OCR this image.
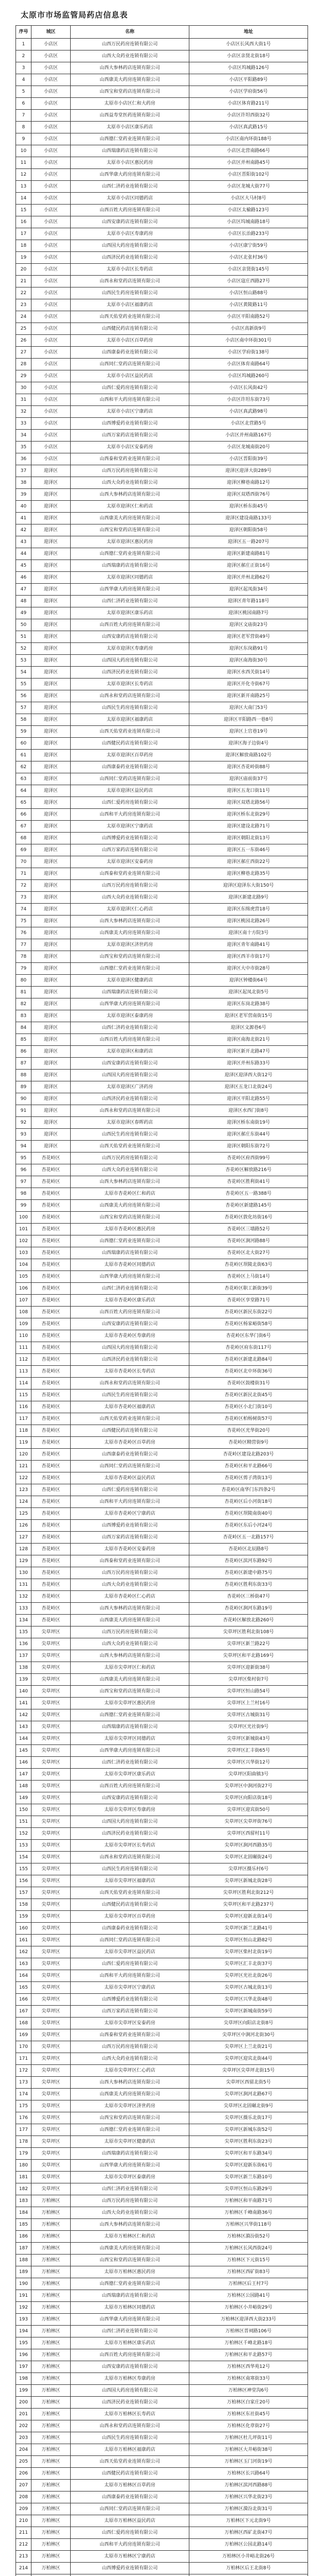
太原市市场监管局药店信息表
序号	城区	名称	地址
1	小店区	山西万民药房连锁有限公司	小店区长风西大街1号
2	小店区	山西大众药业连锁有限公司	小店区亲贤北街18号
3	小店区	山西大参林药店连锁有限公司	小店区坞城路126号
4	小店区	山西康美大药房连锁有限公司	小店区平阳路89号
5	小店区	山西宝和堂药店连锁有限公司	小店区学府街56号
6	小店区	太原市小店区仁和大药房	小店区体育路211号
7	小店区	山西益寿堂医药连锁有限公司	小店区许坦西街32号
8	小店区	太原市小店区康乐药店	小店区真武路15号
9	小店区	山西德仁堂药业连锁有限公司	小店区南内环街188号
10	小店区	山西瑞康药店连锁有限公司	小店区北营南路66号
11	小店区	太原市小店区惠民药房	小店区并州南路45号
12	小店区	山西华康大药房连锁有限公司	小店区晋阳街102号
13	小店区	山西仁济药业连锁有限公司	小店区龙城大街77号
14	小店区	太原市小店区同德药店	小店区大马村8号
15	小店区	山西百姓大药房连锁有限公司	小店区太榆路123号
16	小店区	山西安康药店连锁有限公司	小店区坞城南路18号
17	小店区	太原市小店区寿康药房	小店区长治路233号
18	小店区	山西国大药房连锁有限公司	小店区康宁街59号
19	小店区	山西济民药业连锁有限公司	小店区北张村36号
20	小店区	太原市小店区长寿药店	小店区亲贤街145号
21	小店区	山西永和堂药店连锁有限公司	小店区寇庄西路27号
22	小店区	山西民生药房连锁有限公司	小店区恒山路88号
23	小店区	太原市小店区福康药店	小店区黄陵路11号
24	小店区	山西天佑堂药业连锁有限公司	小店区平阳南路52号
25	小店区	山西健民药店连锁有限公司	小店区高新街9号
26	小店区	太原市小店区百草药房	小店区南中环街301号
27	小店区	山西康泰药业连锁有限公司	小店区学府街138号
28	小店区	山西同仁堂药店连锁有限公司	小店区体育南路64号
29	小店区	太原市小店区益民药店	小店区坞城路260号
30	小店区	山西仁爱药房连锁有限公司	小店区长风街42号
31	小店区	山西和平大药房连锁有限公司	小店区许坦东街73号
32	小店区	太原市小店区宁康药店	小店区真武路98号
33	小店区	山西博爱药业连锁有限公司	小店区北营路5号
34	小店区	山西万家药店连锁有限公司	小店区并州南路167号
35	小店区	太原市小店区安泰药房	小店区龙城南街20号
36	小店区	山西泰和堂药业连锁有限公司	小店区晋阳街39号
37	迎泽区	山西万民药房连锁有限公司	迎泽区迎泽大街289号
38	迎泽区	山西大众药业连锁有限公司	迎泽区柳巷南路12号
39	迎泽区	山西大参林药店连锁有限公司	迎泽区双塔西街76号
40	迎泽区	太原市迎泽区仁和药店	迎泽区桥东街45号
41	迎泽区	山西康美大药房连锁有限公司	迎泽区建设南路133号
42	迎泽区	山西宝和堂药店连锁有限公司	迎泽区朝阳街58号
43	迎泽区	太原市迎泽区惠民药房	迎泽区五一路207号
44	迎泽区	山西德仁堂药业连锁有限公司	迎泽区新建南路81号
45	迎泽区	山西瑞康药店连锁有限公司	迎泽区郝庄正街16号
46	迎泽区	太原市迎泽区同德药店	迎泽区并州北路62号
47	迎泽区	山西华康大药房连锁有限公司	迎泽区起凤街34号
48	迎泽区	山西仁济药业连锁有限公司	迎泽区青年路118号
49	迎泽区	太原市迎泽区康乐药店	迎泽区桃园南路7号
50	迎泽区	山西百姓大药房连锁有限公司	迎泽区文庙街23号
51	迎泽区	山西安康药店连锁有限公司	迎泽区老军营街49号
52	迎泽区	太原市迎泽区寿康药房	迎泽区东岗路91号
53	迎泽区	山西国大药房连锁有限公司	迎泽区南海街30号
54	迎泽区	山西济民药业连锁有限公司	迎泽区水西关街14号
55	迎泽区	太原市迎泽区长寿药店	迎泽区开化寺街67号
56	迎泽区	山西永和堂药店连锁有限公司	迎泽区新开南路25号
57	迎泽区	山西民生药房连锁有限公司	迎泽区大南门53号
58	迎泽区	太原市迎泽区福康药店	迎泽区平阳路西一巷8号
59	迎泽区	山西天佑堂药业连锁有限公司	迎泽区上官巷19号
60	迎泽区	山西健民药店连锁有限公司	迎泽区海子边街4号
61	迎泽区	太原市迎泽区百草药房	迎泽区解放南路102号
62	迎泽区	山西康泰药业连锁有限公司	迎泽区杏花岭街88号
63	迎泽区	山西同仁堂药店连锁有限公司	迎泽区庙前街37号
64	迎泽区	太原市迎泽区益民药店	迎泽区五龙口街11号
65	迎泽区	山西仁爱药房连锁有限公司	迎泽区双塔北路56号
66	迎泽区	山西和平大药房连锁有限公司	迎泽区桥东北街29号
67	迎泽区	太原市迎泽区宁康药店	迎泽区建设北路71号
68	迎泽区	山西博爱药业连锁有限公司	迎泽区朝阳北街13号
69	迎泽区	山西万家药店连锁有限公司	迎泽区五一东街46号
70	迎泽区	太原市迎泽区安泰药房	迎泽区郝庄西街22号
71	迎泽区	山西泰和堂药业连锁有限公司	迎泽区柳巷北路35号
72	迎泽区	山西万民药房连锁有限公司	迎泽区迎泽东大街150号
73	迎泽区	山西大众药业连锁有限公司	迎泽区新建北路9号
74	迎泽区	太原市迎泽区仁心药店	迎泽区东缉虎营18号
75	迎泽区	山西大参林药店连锁有限公司	迎泽区桃园北路26号
76	迎泽区	山西康美大药房连锁有限公司	迎泽区南十方院3号
77	迎泽区	太原市迎泽区济世药房	迎泽区青年南路41号
78	迎泽区	山西宝和堂药店连锁有限公司	迎泽区西羊市街17号
79	迎泽区	山西德仁堂药业连锁有限公司	迎泽区大中市街28号
80	迎泽区	太原市迎泽区健康药店	迎泽区钟楼街64号
81	迎泽区	山西瑞康药店连锁有限公司	迎泽区起凤北街5号
82	迎泽区	山西华康大药房连锁有限公司	迎泽区东岗北路38号
83	迎泽区	太原市迎泽区泰康药房	迎泽区老军营南街15号
84	迎泽区	山西仁济药业连锁有限公司	迎泽区文源巷6号
85	迎泽区	山西百姓大药房连锁有限公司	迎泽区南海北街21号
86	迎泽区	太原市迎泽区和康药店	迎泽区新开北路47号
87	迎泽区	山西安康药店连锁有限公司	迎泽区并州东路33号
88	迎泽区	山西国大药房连锁有限公司	迎泽区迎泽西大街12号
89	迎泽区	太原市迎泽区广济药房	迎泽区五龙口北街24号
90	迎泽区	山西济民药业连锁有限公司	迎泽区平阳北路55号
91	迎泽区	山西永和堂药店连锁有限公司	迎泽区水西门街8号
92	迎泽区	太原市迎泽区春晖药店	迎泽区桥东南街19号
93	迎泽区	山西民生药房连锁有限公司	迎泽区郝庄东街44号
94	迎泽区	山西天佑堂药业连锁有限公司	迎泽区朝阳东街72号
95	杏花岭区	山西万民药房连锁有限公司	杏花岭区府西街99号
96	杏花岭区	山西大众药业连锁有限公司	杏花岭区解放路216号
97	杏花岭区	山西大参林药店连锁有限公司	杏花岭区胜利街41号
98	杏花岭区	太原市杏花岭区仁和药店	杏花岭区五一路388号
99	杏花岭区	山西康美大药房连锁有限公司	杏花岭区新建路145号
100	杏花岭区	山西宝和堂药店连锁有限公司	杏花岭区敦化坊街16号
101	杏花岭区	太原市杏花岭区惠民药房	杏花岭区三墙路52号
102	杏花岭区	山西德仁堂药业连锁有限公司	杏花岭区涧河路88号
103	杏花岭区	山西瑞康药店连锁有限公司	杏花岭区北大街27号
104	杏花岭区	太原市杏花岭区同德药店	杏花岭区坝陵北街63号
105	杏花岭区	山西华康大药房连锁有限公司	杏花岭区上马街14号
106	杏花岭区	山西仁济药业连锁有限公司	杏花岭区职工新街39号
107	杏花岭区	太原市杏花岭区康乐药店	杏花岭区享堂路71号
108	杏花岭区	山西百姓大药房连锁有限公司	杏花岭区新民东街22号
109	杏花岭区	山西安康药店连锁有限公司	杏花岭区杨家峪街58号
110	杏花岭区	太原市杏花岭区寿康药房	杏花岭区东华门街6号
111	杏花岭区	山西国大药房连锁有限公司	杏花岭区府东街117号
112	杏花岭区	山西济民药业连锁有限公司	杏花岭区新建北路84号
113	杏花岭区	太原市杏花岭区长寿药店	杏花岭区北中环街36号
114	杏花岭区	山西永和堂药店连锁有限公司	杏花岭区鼓楼街31号
115	杏花岭区	山西民生药房连锁有限公司	杏花岭区新民北街45号
116	杏花岭区	太原市杏花岭区福康药店	杏花岭区小北门街10号
117	杏花岭区	山西天佑堂药业连锁有限公司	杏花岭区柏杨树街57号
118	杏花岭区	山西健民药店连锁有限公司	杏花岭区光华街20号
119	杏花岭区	太原市杏花岭区百草药房	杏花岭区精营街9号
120	杏花岭区	山西康泰药业连锁有限公司	杏花岭区建设北路203号
121	杏花岭区	山西同仁堂药店连锁有限公司	杏花岭区和平北路66号
122	杏花岭区	太原市杏花岭区益民药店	杏花岭区剪子湾街13号
123	杏花岭区	山西仁爱药房连锁有限公司	杏花岭区南华门东四条2号
124	杏花岭区	山西和平大药房连锁有限公司	杏花岭区后小河街18号
125	杏花岭区	太原市杏花岭区宁康药店	杏花岭区坝陵南街40号
126	杏花岭区	山西博爱药业连锁有限公司	杏花岭区东后小河24号
127	杏花岭区	山西万家药店连锁有限公司	杏花岭区五一北路157号
128	杏花岭区	太原市杏花岭区安泰药房	杏花岭区北辰路8号
129	杏花岭区	山西泰和堂药业连锁有限公司	杏花岭区滨河东路92号
130	杏花岭区	山西万民药房连锁有限公司	杏花岭区新建中路75号
131	杏花岭区	山西大众药业连锁有限公司	杏花岭区胜利东街33号
132	杏花岭区	太原市杏花岭区仁心药店	杏花岭区三桥街47号
133	杏花岭区	山西大参林药店连锁有限公司	杏花岭区涧河东路19号
134	杏花岭区	山西康美大药房连锁有限公司	杏花岭区解放北路260号
135	尖草坪区	山西万民药房连锁有限公司	尖草坪区胜利北街108号
136	尖草坪区	山西大众药业连锁有限公司	尖草坪区新兰路22号
137	尖草坪区	山西大参林药店连锁有限公司	尖草坪区和平北路169号
138	尖草坪区	太原市尖草坪区仁和药店	尖草坪区迎新街38号
139	尖草坪区	山西康美大药房连锁有限公司	尖草坪区柴村街7号
140	尖草坪区	山西宝和堂药店连锁有限公司	尖草坪区恒山路54号
141	尖草坪区	太原市尖草坪区惠民药房	尖草坪区上兰村16号
142	尖草坪区	山西德仁堂药业连锁有限公司	尖草坪区古城街31号
143	尖草坪区	山西瑞康药店连锁有限公司	尖草坪区光社街9号
144	尖草坪区	太原市尖草坪区同德药店	尖草坪区新城街43号
145	尖草坪区	山西华康大药房连锁有限公司	尖草坪区汇丰街65号
146	尖草坪区	山西仁济药业连锁有限公司	尖草坪区兴华街12号
147	尖草坪区	太原市尖草坪区康乐药店	尖草坪区阳曲镇3号
148	尖草坪区	山西百姓大药房连锁有限公司	尖草坪区中涧河街27号
149	尖草坪区	山西安康药店连锁有限公司	尖草坪区向阳店街18号
150	尖草坪区	太原市尖草坪区寿康药房	尖草坪区迎宾街50号
151	尖草坪区	山西国大药房连锁有限公司	尖草坪区尖草坪街76号
152	尖草坪区	山西济民药业连锁有限公司	尖草坪区西留村11号
153	尖草坪区	太原市尖草坪区长寿药店	尖草坪区涧河西路35号
154	尖草坪区	山西永和堂药店连锁有限公司	尖草坪区北固碾街24号
155	尖草坪区	山西民生药房连锁有限公司	尖草坪区摄乐村6号
156	尖草坪区	太原市尖草坪区福康药店	尖草坪区新城北街28号
157	尖草坪区	山西天佑堂药业连锁有限公司	尖草坪区胜利北街212号
158	尖草坪区	山西健民药店连锁有限公司	尖草坪区和平北路237号
159	尖草坪区	太原市尖草坪区百草药房	尖草坪区迎新北街14号
160	尖草坪区	山西康泰药业连锁有限公司	尖草坪区新兰北路41号
161	尖草坪区	山西同仁堂药店连锁有限公司	尖草坪区恒山北路82号
162	尖草坪区	太原市尖草坪区益民药店	尖草坪区柴村北街19号
163	尖草坪区	山西仁爱药房连锁有限公司	尖草坪区汇丰北街37号
164	尖草坪区	山西和平大药房连锁有限公司	尖草坪区光社北街26号
165	尖草坪区	太原市尖草坪区宁康药店	尖草坪区古城北街13号
166	尖草坪区	山西博爱药业连锁有限公司	尖草坪区兴华北街48号
167	尖草坪区	山西万家药店连锁有限公司	尖草坪区新城南街59号
168	尖草坪区	太原市尖草坪区安泰药房	尖草坪区向阳店北街8号
169	尖草坪区	山西泰和堂药业连锁有限公司	尖草坪区中涧河北街30号
170	尖草坪区	山西万民药房连锁有限公司	尖草坪区上兰北街21号
171	尖草坪区	山西大众药业连锁有限公司	尖草坪区迎宾北街44号
172	尖草坪区	太原市尖草坪区仁心药店	尖草坪区尖草坪北街15号
173	尖草坪区	山西大参林药店连锁有限公司	尖草坪区西留北街5号
174	尖草坪区	山西康美大药房连锁有限公司	尖草坪区涧河北路67号
175	尖草坪区	太原市尖草坪区济世药房	尖草坪区北固碾北街9号
176	尖草坪区	山西宝和堂药店连锁有限公司	尖草坪区摄乐北街17号
177	尖草坪区	山西德仁堂药业连锁有限公司	尖草坪区新城东街52号
178	尖草坪区	太原市尖草坪区健康药店	尖草坪区胜利东街23号
179	尖草坪区	山西瑞康药店连锁有限公司	尖草坪区和平东路34号
180	尖草坪区	山西华康大药房连锁有限公司	尖草坪区迎新东街61号
181	尖草坪区	太原市尖草坪区泰康药房	尖草坪区新兰东路10号
182	尖草坪区	山西仁济药业连锁有限公司	尖草坪区恒山东路29号
183	万柏林区	山西万民药房连锁有限公司	万柏林区和平南路71号
184	万柏林区	山西大众药业连锁有限公司	万柏林区千峰南路36号
185	万柏林区	山西大参林药店连锁有限公司	万柏林区兴华街118号
186	万柏林区	太原市万柏林区仁和药店	万柏林区漪汾街52号
187	万柏林区	山西康美大药房连锁有限公司	万柏林区长风西街24号
188	万柏林区	山西宝和堂药店连锁有限公司	万柏林区下元街15号
189	万柏林区	太原市万柏林区惠民药房	万柏林区西矿街83号
190	万柏林区	山西德仁堂药业连锁有限公司	万柏林区后王村7号
191	万柏林区	山西瑞康药店连锁有限公司	万柏林区公园路41号
192	万柏林区	太原市万柏林区同德药店	万柏林区小井峪街29号
193	万柏林区	山西华康大药房连锁有限公司	万柏林区迎泽西大街233号
194	万柏林区	山西仁济药业连锁有限公司	万柏林区晋祠路106号
195	万柏林区	太原市万柏林区康乐药店	万柏林区千峰北路18号
196	万柏林区	山西百姓大药房连锁有限公司	万柏林区和平北路57号
197	万柏林区	山西安康药店连锁有限公司	万柏林区西华苑12号
198	万柏林区	太原市万柏林区寿康药房	万柏林区南寒街33号
199	万柏林区	山西国大药房连锁有限公司	万柏林区神堂沟6号
200	万柏林区	山西济民药业连锁有限公司	万柏林区白家庄20号
201	万柏林区	太原市万柏林区长寿药店	万柏林区东社街45号
202	万柏林区	山西永和堂药店连锁有限公司	万柏林区化章街27号
203	万柏林区	山西民生药房连锁有限公司	万柏林区杜儿坪街11号
204	万柏林区	太原市万柏林区福康药店	万柏林区大井峪街38号
205	万柏林区	山西天佑堂药业连锁有限公司	万柏林区玉门河街19号
206	万柏林区	山西健民药店连锁有限公司	万柏林区长兴路64号
207	万柏林区	太原市万柏林区百草药房	万柏林区滨河西路88号
208	万柏林区	山西康泰药业连锁有限公司	万柏林区兴华北街23号
209	万柏林区	山西同仁堂药店连锁有限公司	万柏林区漪汾北街31号
210	万柏林区	太原市万柏林区益民药店	万柏林区下元北街9号
211	万柏林区	山西仁爱药房连锁有限公司	万柏林区西矿北街47号
212	万柏林区	山西和平大药房连锁有限公司	万柏林区公园北路14号
213	万柏林区	太原市万柏林区宁康药店	万柏林区小井峪北街26号
214	万柏林区	山西博爱药业连锁有限公司	万柏林区后王北街8号
